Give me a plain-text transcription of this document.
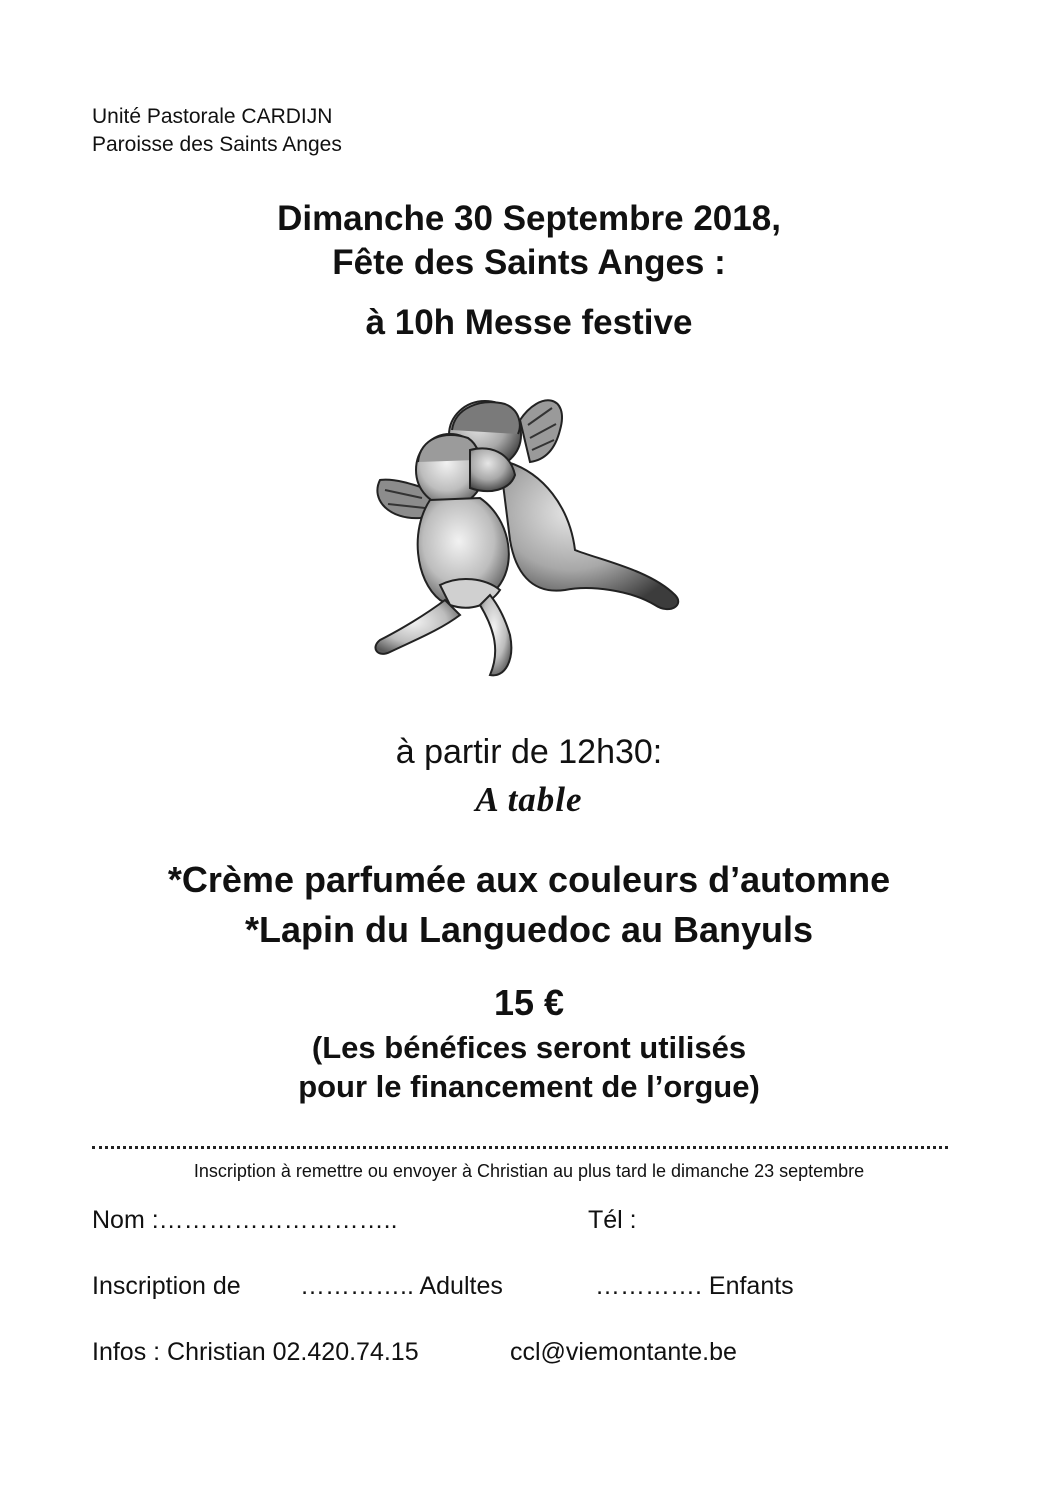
Unité Pastorale CARDIJN
Paroisse des Saints Anges
Dimanche 30 Septembre 2018,
Fête des Saints Anges :
à 10h Messe festive
à partir de 12h30:
A table
*Crème parfumée aux couleurs d’automne
*Lapin du Languedoc au Banyuls
15 €
(Les bénéfices seront utilisés
pour le financement de l’orgue)
Inscription à remettre ou envoyer à Christian au plus tard le dimanche 23 septembre
Nom :………………………..	Tél :
Inscription de ………….. Adultes	…………. Enfants
Infos : Christian 02.420.74.15	ccl@viemontante.be
